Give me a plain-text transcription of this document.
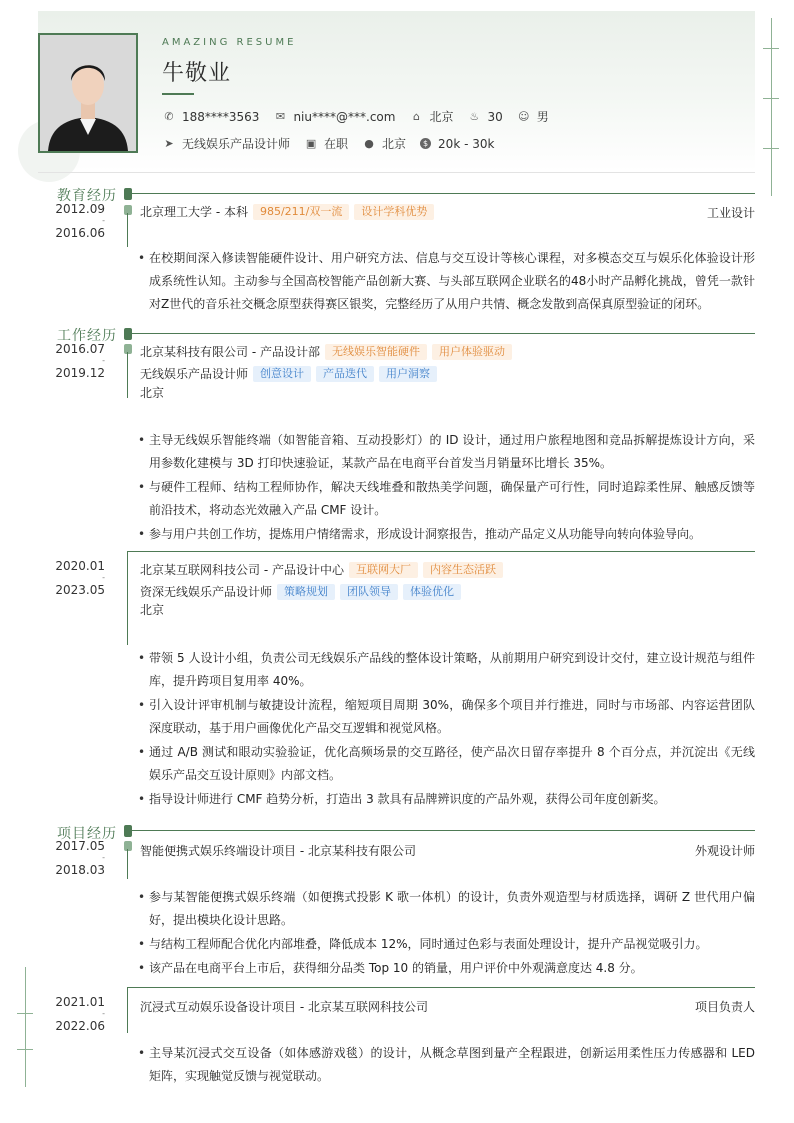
AMAZING RESUME
牛敬业
✆ 188****3563 ✉ niu****@***.com	⌂ 北京 ♨ 30 ☺ 男
➤ 无线娱乐产品设计师 ▣ 在职 ● 北京	$ 20k - 30k
教育经历
2012.09
-
2016.06
北京理工大学 - 本科	985/211/双一流	设计学科优势	工业设计
• 在校期间深入修读智能硬件设计、用户研究方法、信息与交互设计等核心课程，对多模态交互与娱乐化体验设计形成系统性认知。主动参与全国高校智能产品创新大赛、与头部互联网企业联名的48小时产品孵化挑战，曾凭一款针对Z世代的音乐社交概念原型获得赛区银奖，完整经历了从用户共情、概念发散到高保真原型验证的闭环。
工作经历
2016.07
-
2019.12
北京某科技有限公司 - 产品设计部	无线娱乐智能硬件	用户体验驱动
无线娱乐产品设计师	创意设计	产品迭代	用户洞察
北京
• 主导无线娱乐智能终端（如智能音箱、互动投影灯）的 ID 设计，通过用户旅程地图和竞品拆解提炼设计方向，采用参数化建模与 3D 打印快速验证，某款产品在电商平台首发当月销量环比增长 35%。
• 与硬件工程师、结构工程师协作，解决天线堆叠和散热美学问题，确保量产可行性，同时追踪柔性屏、触感反馈等前沿技术，将动态光效融入产品 CMF 设计。
• 参与用户共创工作坊，提炼用户情绪需求，形成设计洞察报告，推动产品定义从功能导向转向体验导向。
2020.01
-
2023.05
北京某互联网科技公司 - 产品设计中心	互联网大厂	内容生态活跃
资深无线娱乐产品设计师	策略规划	团队领导	体验优化
北京
• 带领 5 人设计小组，负责公司无线娱乐产品线的整体设计策略，从前期用户研究到设计交付，建立设计规范与组件库，提升跨项目复用率 40%。
• 引入设计评审机制与敏捷设计流程，缩短项目周期 30%，确保多个项目并行推进，同时与市场部、内容运营团队深度联动，基于用户画像优化产品交互逻辑和视觉风格。
• 通过 A/B 测试和眼动实验验证，优化高频场景的交互路径，使产品次日留存率提升 8 个百分点，并沉淀出《无线娱乐产品交互设计原则》内部文档。
• 指导设计师进行 CMF 趋势分析，打造出 3 款具有品牌辨识度的产品外观，获得公司年度创新奖。
项目经历
2017.05
-
2018.03
智能便携式娱乐终端设计项目 - 北京某科技有限公司	外观设计师
• 参与某智能便携式娱乐终端（如便携式投影 K 歌一体机）的设计，负责外观造型与材质选择，调研 Z 世代用户偏好，提出模块化设计思路。
• 与结构工程师配合优化内部堆叠，降低成本 12%，同时通过色彩与表面处理设计，提升产品视觉吸引力。
• 该产品在电商平台上市后，获得细分品类 Top 10 的销量，用户评价中外观满意度达 4.8 分。
2021.01
-
2022.06
沉浸式互动娱乐设备设计项目 - 北京某互联网科技公司	项目负责人
• 主导某沉浸式交互设备（如体感游戏毯）的设计，从概念草图到量产全程跟进，创新运用柔性压力传感器和 LED 矩阵，实现触觉反馈与视觉联动。
